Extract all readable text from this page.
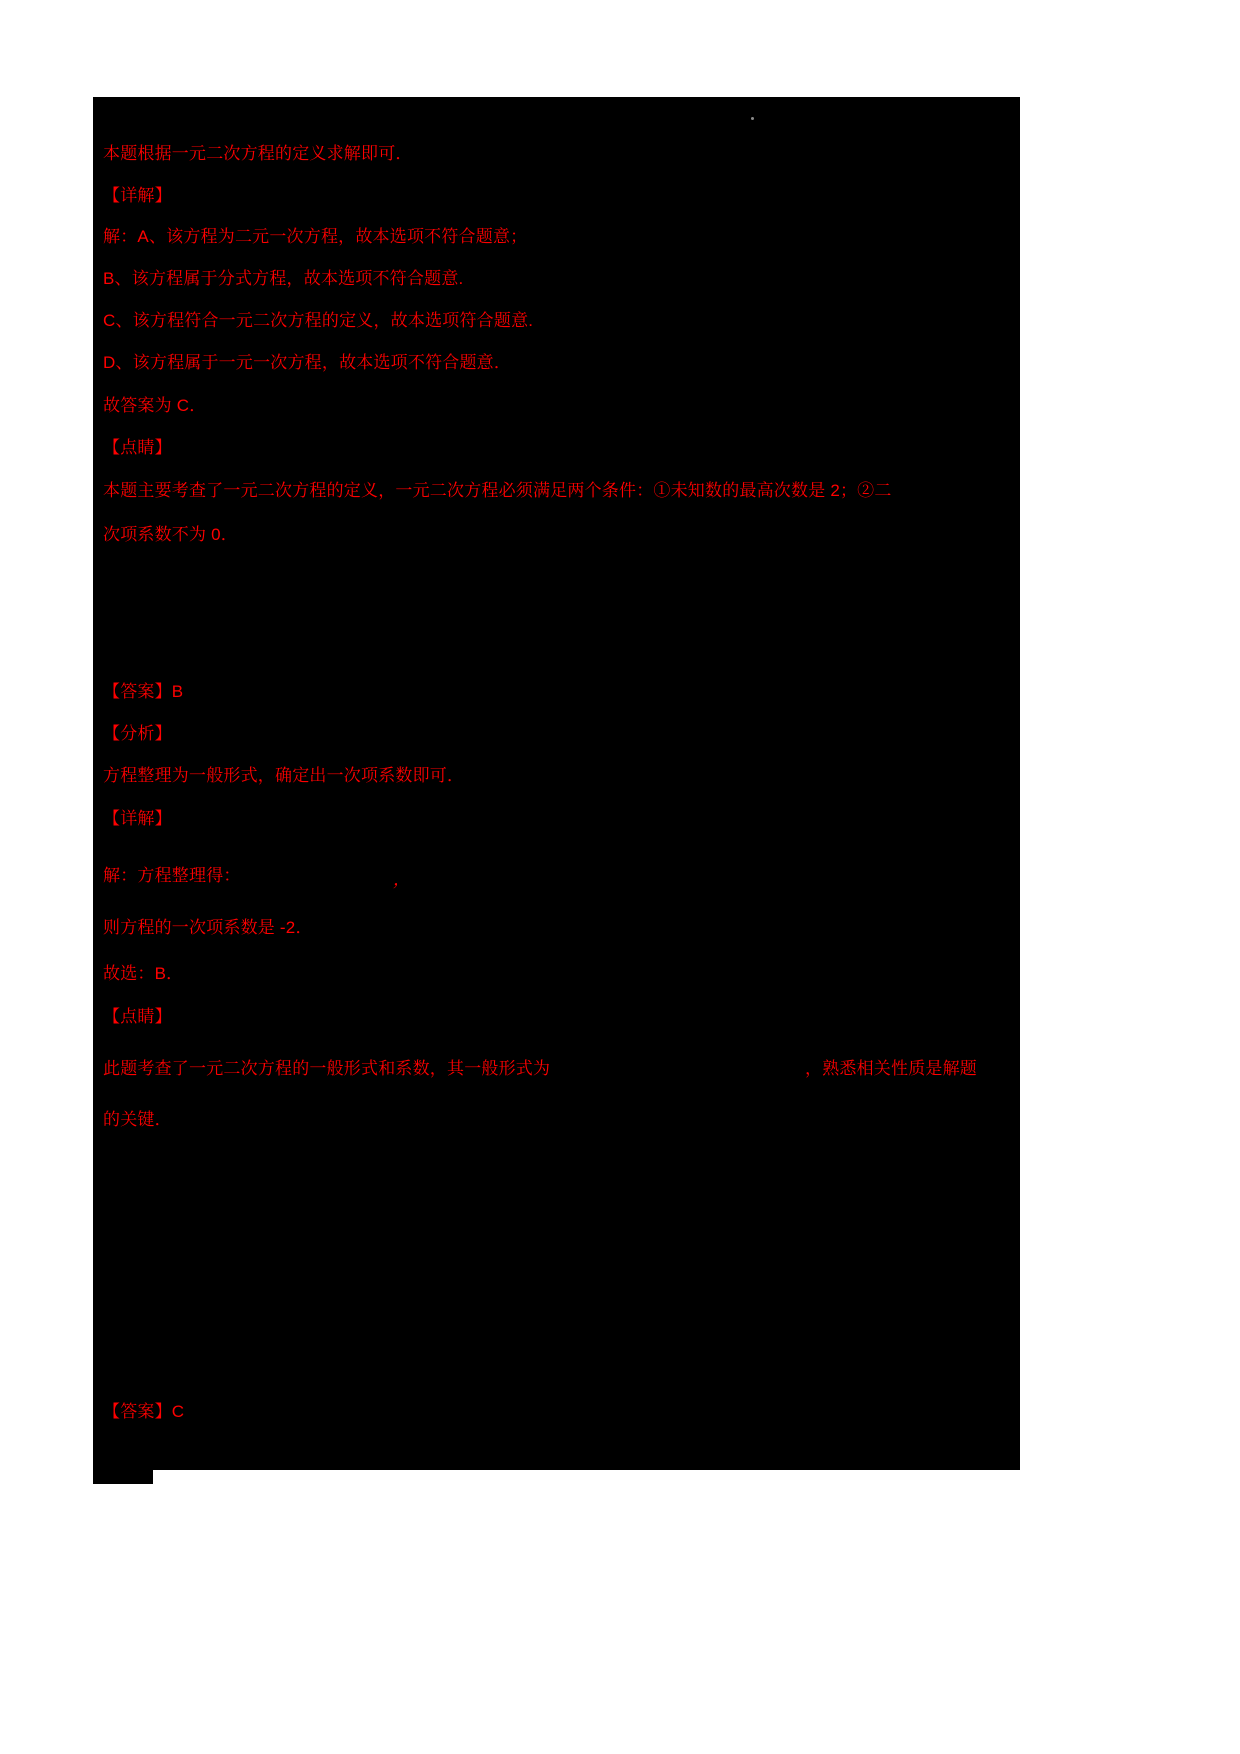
本题根据一元二次方程的定义求解即可．
【详解】
解：A、该方程为二元一次方程，故本选项不符合题意；
B、该方程属于分式方程，故本选项不符合题意.
C、该方程符合一元二次方程的定义，故本选项符合题意.
D、该方程属于一元一次方程，故本选项不符合题意．
故答案为 C．
【点睛】
本题主要考查了一元二次方程的定义，一元二次方程必须满足两个条件：①未知数的最高次数是 2；②二
次项系数不为 0．
【答案】B
【分析】
方程整理为一般形式，确定出一次项系数即可．
【详解】
解：方程整理得：	，
则方程的一次项系数是 -2．
故选：B．
【点睛】
此题考查了一元二次方程的一般形式和系数，其一般形式为	，熟悉相关性质是解题
的关键．
【答案】C
